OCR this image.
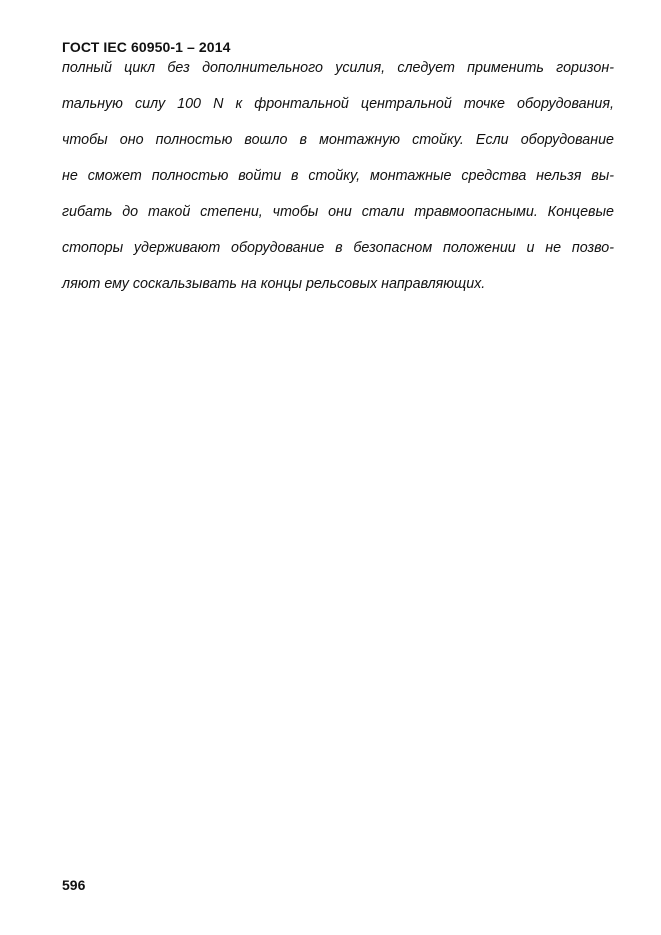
ГОСТ IEC 60950-1 – 2014
полный цикл без дополнительного усилия, следует применить горизон-
тальную силу 100 N к фронтальной центральной точке оборудования,
чтобы оно полностью вошло в монтажную стойку. Если оборудование
не сможет полностью войти в стойку, монтажные средства нельзя вы-
гибать до такой степени, чтобы они стали травмоопасными. Концевые
стопоры удерживают оборудование в безопасном положении и не позво-
ляют ему соскальзывать на концы рельсовых направляющих.
596
